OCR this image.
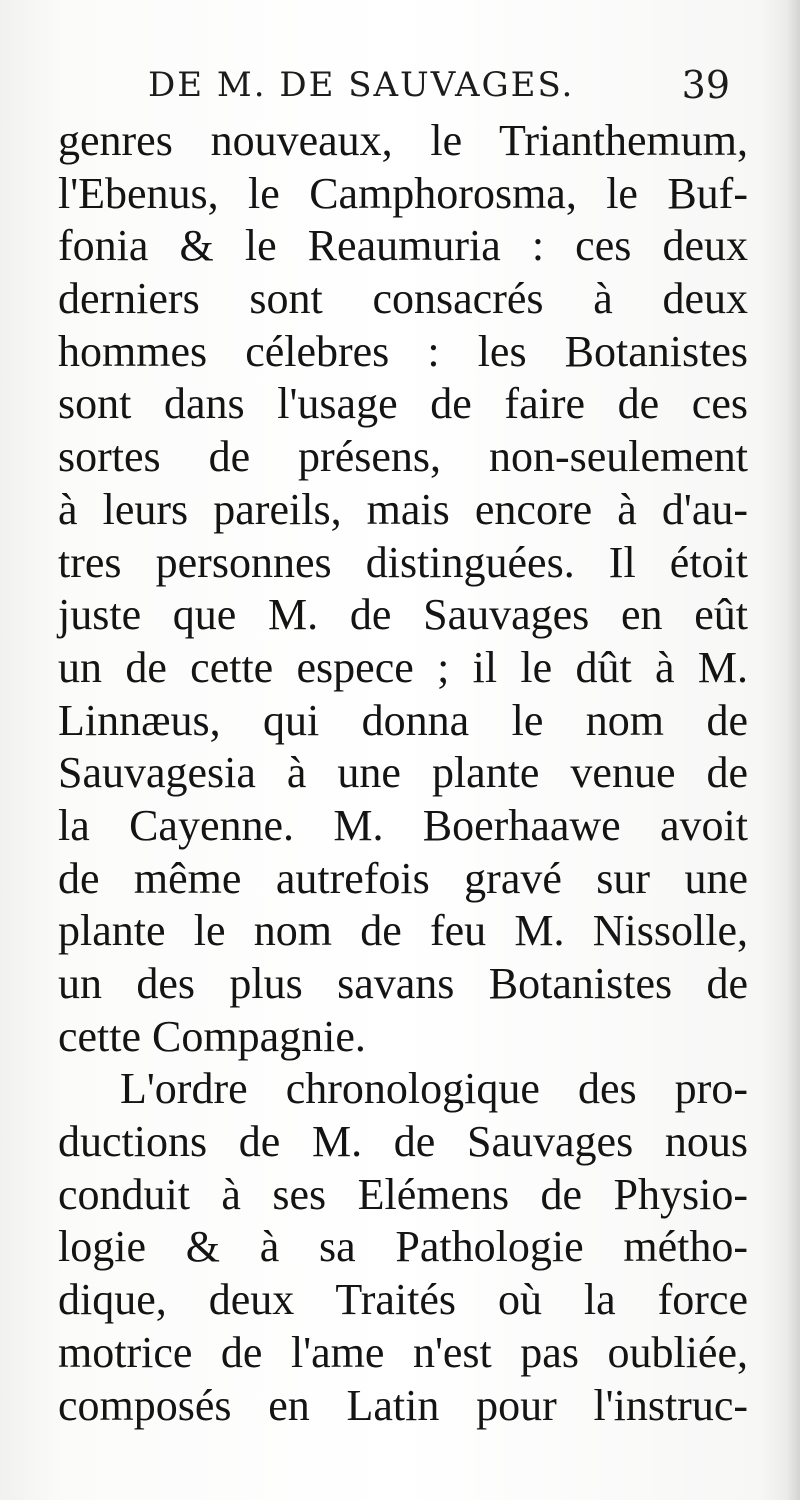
DE M. DE SAUVAGES.	39
genres nouveaux, le Trianthemum,
l'Ebenus, le Camphorosma, le Buf-
fonia & le Reaumuria : ces deux
derniers sont consacrés à deux
hommes célebres : les Botanistes
sont dans l'usage de faire de ces
sortes de présens, non-seulement
à leurs pareils, mais encore à d'au-
tres personnes distinguées. Il étoit
juste que M. de Sauvages en eût
un de cette espece ; il le dût à M.
Linnæus, qui donna le nom de
Sauvagesia à une plante venue de
la Cayenne. M. Boerhaawe avoit
de même autrefois gravé sur une
plante le nom de feu M. Nissolle,
un des plus savans Botanistes de
cette Compagnie.
L'ordre chronologique des pro-
ductions de M. de Sauvages nous
conduit à ses Elémens de Physio-
logie & à sa Pathologie métho-
dique, deux Traités où la force
motrice de l'ame n'est pas oubliée,
composés en Latin pour l'instruc-
